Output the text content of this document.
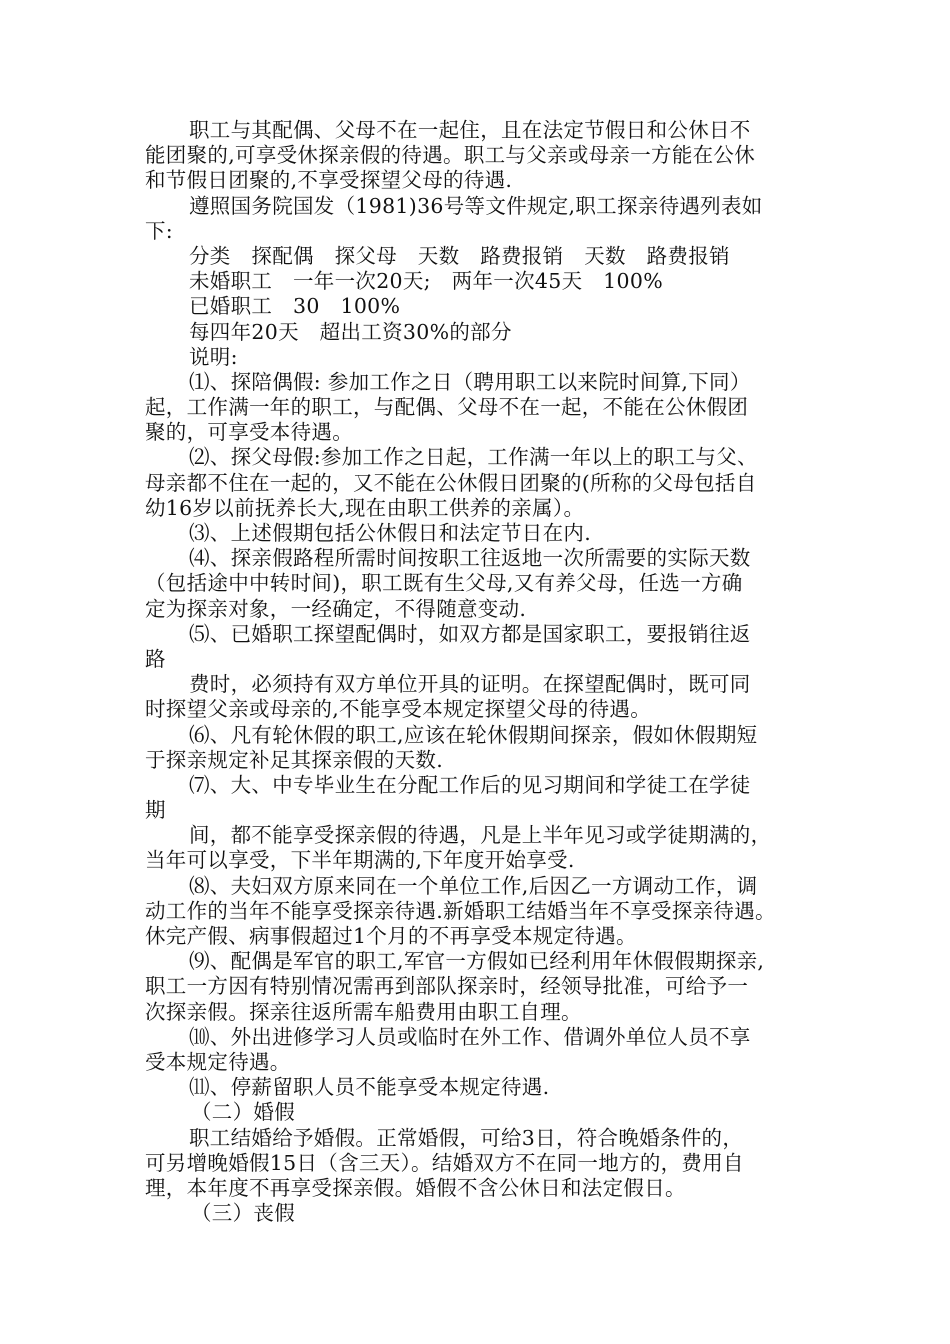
职工与其配偶、父母不在一起住，且在法定节假日和公休日不
能团聚的,可享受休探亲假的待遇。职工与父亲或母亲一方能在公休
和节假日团聚的,不享受探望父母的待遇.
遵照国务院国发（1981)36号等文件规定,职工探亲待遇列表如
下:
分类　探配偶　探父母　天数　路费报销　天数　路费报销
未婚职工　一年一次20天;　两年一次45天　100%
已婚职工　30　100%
每四年20天　超出工资30%的部分
说明:
⑴、探陪偶假: 参加工作之日（聘用职工以来院时间算,下同）
起，工作满一年的职工，与配偶、父母不在一起，不能在公休假团
聚的，可享受本待遇。
⑵、探父母假:参加工作之日起，工作满一年以上的职工与父、
母亲都不住在一起的，又不能在公休假日团聚的(所称的父母包括自
幼16岁以前抚养长大,现在由职工供养的亲属）。
⑶、上述假期包括公休假日和法定节日在内.
⑷、探亲假路程所需时间按职工往返地一次所需要的实际天数
（包括途中中转时间)，职工既有生父母,又有养父母，任选一方确
定为探亲对象，一经确定，不得随意变动.
⑸、已婚职工探望配偶时，如双方都是国家职工，要报销往返
路
费时，必须持有双方单位开具的证明。在探望配偶时，既可同
时探望父亲或母亲的,不能享受本规定探望父母的待遇。
⑹、凡有轮休假的职工,应该在轮休假期间探亲，假如休假期短
于探亲规定补足其探亲假的天数.
⑺、大、中专毕业生在分配工作后的见习期间和学徒工在学徒
期
间，都不能享受探亲假的待遇，凡是上半年见习或学徒期满的，
当年可以享受，下半年期满的,下年度开始享受.
⑻、夫妇双方原来同在一个单位工作,后因乙一方调动工作，调
动工作的当年不能享受探亲待遇.新婚职工结婚当年不享受探亲待遇。
休完产假、病事假超过1个月的不再享受本规定待遇。
⑼、配偶是军官的职工,军官一方假如已经利用年休假假期探亲,
职工一方因有特别情况需再到部队探亲时，经领导批准，可给予一
次探亲假。探亲往返所需车船费用由职工自理。
⑽、外出进修学习人员或临时在外工作、借调外单位人员不享
受本规定待遇。
⑾、停薪留职人员不能享受本规定待遇.
（二）婚假
职工结婚给予婚假。正常婚假，可给3日，符合晚婚条件的，
可另增晚婚假15日（含三天）。结婚双方不在同一地方的，费用自
理，本年度不再享受探亲假。婚假不含公休日和法定假日。
（三）丧假
